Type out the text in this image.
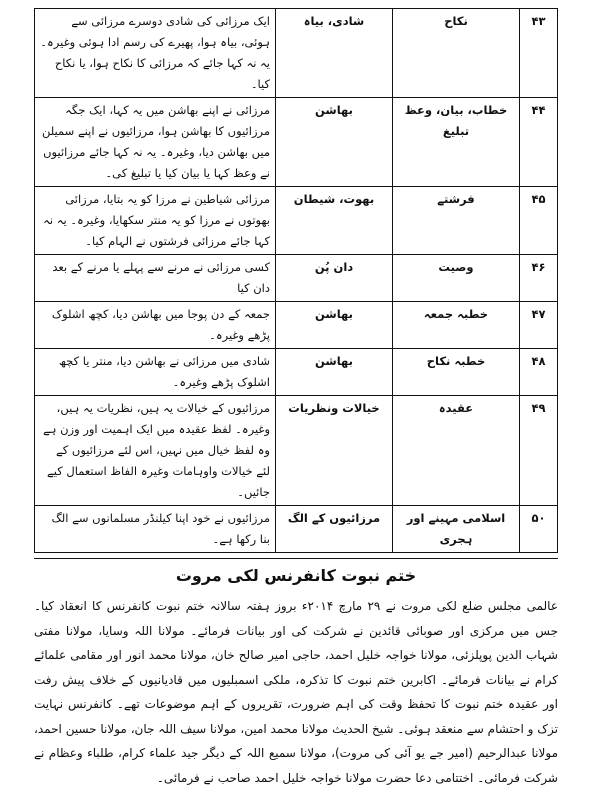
۴۳	نکاح	شادی، بیاہ	ایک مرزائی کی شادی دوسرے مرزائی سے ہوئی، بیاہ ہوا، پھیرے کی رسم ادا ہوئی وغیرہ۔ یہ نہ کہا جائے کہ مرزائی کا نکاح ہوا، یا نکاح کیا۔
۴۴	خطاب، بیان، وعظ تبلیغ	بھاشن	مرزائی نے اپنے بھاشن میں یہ کہا، ایک جگہ مرزائیوں کا بھاشن ہوا، مرزائیوں نے اپنے سمیلن میں بھاشن دیا، وغیرہ۔ یہ نہ کہا جائے مرزائیوں نے وعظ کہا یا بیان کیا یا تبلیغ کی۔
۴۵	فرشتے	بھوت، شیطان	مرزائی شیاطین نے مرزا کو یہ بتایا، مرزائی بھوتوں نے مرزا کو یہ منتر سکھایا، وغیرہ۔ یہ نہ کہا جائے مرزائی فرشتوں نے الہام کیا۔
۴۶	وصیت	دان پُن	کسی مرزائی نے مرنے سے پہلے یا مرنے کے بعد دان کیا
۴۷	خطبہ جمعہ	بھاشن	جمعہ کے دن پوجا میں بھاشن دیا، کچھ اشلوک پڑھے وغیرہ۔
۴۸	خطبہ نکاح	بھاشن	شادی میں مرزائی نے بھاشن دیا، منتر یا کچھ اشلوک پڑھے وغیرہ۔
۴۹	عقیدہ	خیالات ونظریات	مرزائیوں کے خیالات یہ ہیں، نظریات یہ ہیں، وغیرہ۔ لفظ عقیدہ میں ایک اہمیت اور وزن ہے وہ لفظ خیال میں نہیں، اس لئے مرزائیوں کے لئے خیالات واوہامات وغیرہ الفاظ استعمال کیے جائیں۔
۵۰	اسلامی مہینے اور ہجری	مرزائیوں کے الگ	مرزائیوں نے خود اپنا کیلنڈر مسلمانوں سے الگ بنا رکھا ہے۔
ختم نبوت کانفرنس لکی مروت

عالمی مجلس ضلع لکی مروت نے ۲۹ مارچ ۲۰۱۴ء بروز ہفتہ سالانہ ختم نبوت کانفرنس کا انعقاد کیا۔ جس میں مرکزی اور صوبائی قائدین نے شرکت کی اور بیانات فرمائے۔ مولانا اللہ وسایا، مولانا مفتی شہاب الدین پوپلزئی، مولانا خواجہ خلیل احمد، حاجی امیر صالح خان، مولانا محمد انور اور مقامی علمائے کرام نے بیانات فرمائے۔ اکابرین ختم نبوت کا تذکرہ، ملکی اسمبلیوں میں قادیانیوں کے خلاف پیش رفت اور عقیدہ ختم نبوت کا تحفظ وقت کی اہم ضرورت، تقریروں کے اہم موضوعات تھے۔ کانفرنس نہایت تزک و احتشام سے منعقد ہوئی۔ شیخ الحدیث مولانا محمد امین، مولانا سیف اللہ جان، مولانا حسین احمد، مولانا عبدالرحیم (امیر جے یو آئی کی مروت)، مولانا سمیع اللہ کے دیگر جید علماء کرام، طلباء وعظام نے شرکت فرمائی۔ اختتامی دعا حضرت مولانا خواجہ خلیل احمد صاحب نے فرمائی۔
